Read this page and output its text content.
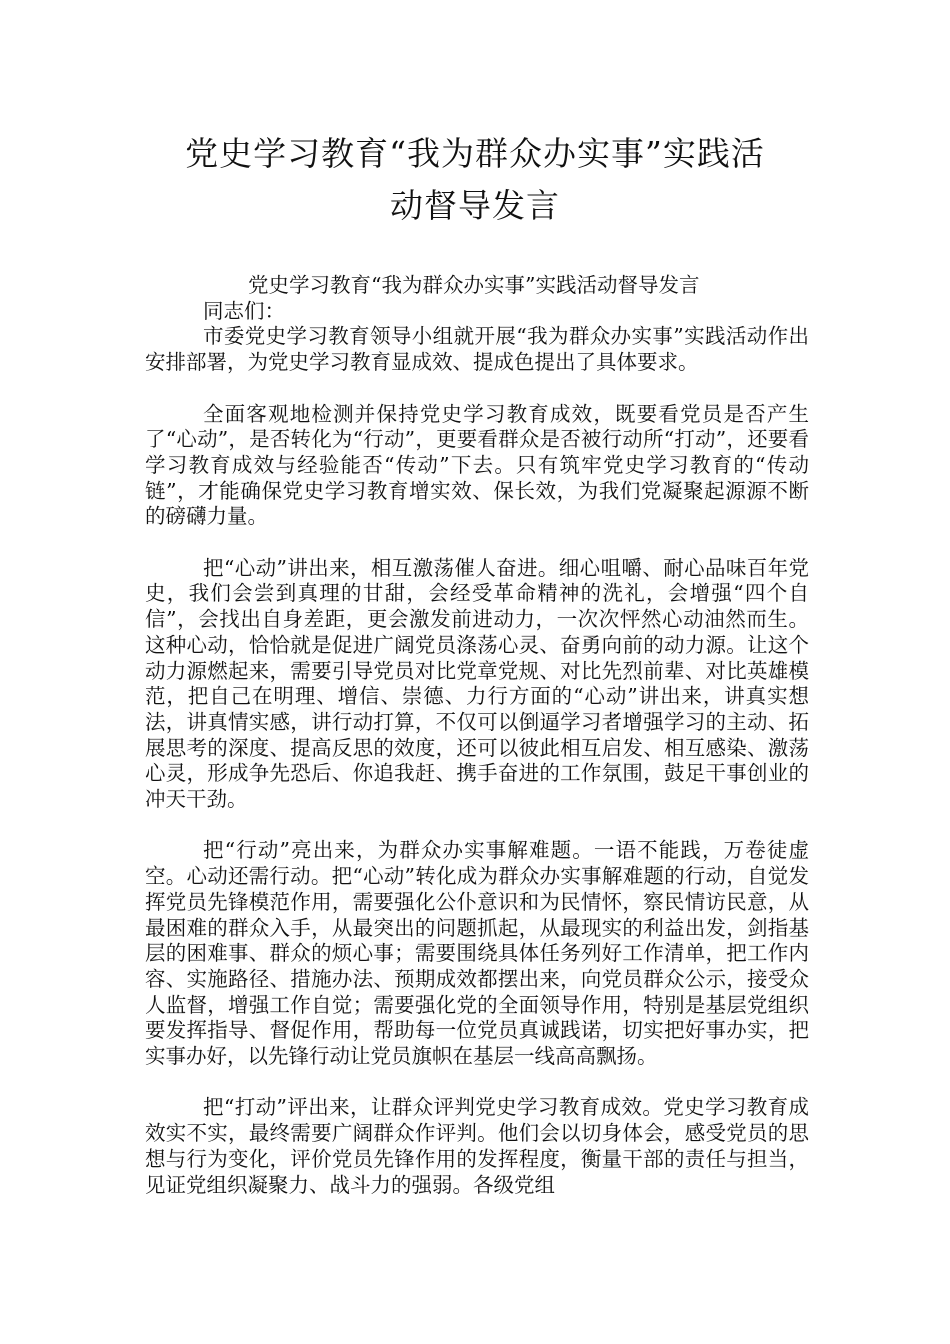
党史学习教育“我为群众办实事”实践活
动督导发言

党史学习教育“我为群众办实事”实践活动督导发言

同志们：

市委党史学习教育领导小组就开展“我为群众办实事”实践活动作出安排部署，为党史学习教育显成效、提成色提出了具体要求。

全面客观地检测并保持党史学习教育成效，既要看党员是否产生了“心动”，是否转化为“行动”，更要看群众是否被行动所“打动”，还要看学习教育成效与经验能否“传动”下去。只有筑牢党史学习教育的“传动链”，才能确保党史学习教育增实效、保长效，为我们党凝聚起源源不断的磅礴力量。

把“心动”讲出来，相互激荡催人奋进。细心咀嚼、耐心品味百年党史，我们会尝到真理的甘甜，会经受革命精神的洗礼，会增强“四个自信”，会找出自身差距，更会激发前进动力，一次次怦然心动油然而生。这种心动，恰恰就是促进广阔党员涤荡心灵、奋勇向前的动力源。让这个动力源燃起来，需要引导党员对比党章党规、对比先烈前辈、对比英雄模范，把自己在明理、增信、崇德、力行方面的“心动”讲出来，讲真实想法，讲真情实感，讲行动打算，不仅可以倒逼学习者增强学习的主动、拓展思考的深度、提高反思的效度，还可以彼此相互启发、相互感染、激荡心灵，形成争先恐后、你追我赶、携手奋进的工作氛围，鼓足干事创业的冲天干劲。

把“行动”亮出来，为群众办实事解难题。一语不能践，万卷徒虚空。心动还需行动。把“心动”转化成为群众办实事解难题的行动，自觉发挥党员先锋模范作用，需要强化公仆意识和为民情怀，察民情访民意，从最困难的群众入手，从最突出的问题抓起，从最现实的利益出发，剑指基层的困难事、群众的烦心事；需要围绕具体任务列好工作清单，把工作内容、实施路径、措施办法、预期成效都摆出来，向党员群众公示，接受众人监督，增强工作自觉；需要强化党的全面领导作用，特别是基层党组织要发挥指导、督促作用，帮助每一位党员真诚践诺，切实把好事办实，把实事办好，以先锋行动让党员旗帜在基层一线高高飘扬。

把“打动”评出来，让群众评判党史学习教育成效。党史学习教育成效实不实，最终需要广阔群众作评判。他们会以切身体会，感受党员的思想与行为变化，评价党员先锋作用的发挥程度，衡量干部的责任与担当，见证党组织凝聚力、战斗力的强弱。各级党组
